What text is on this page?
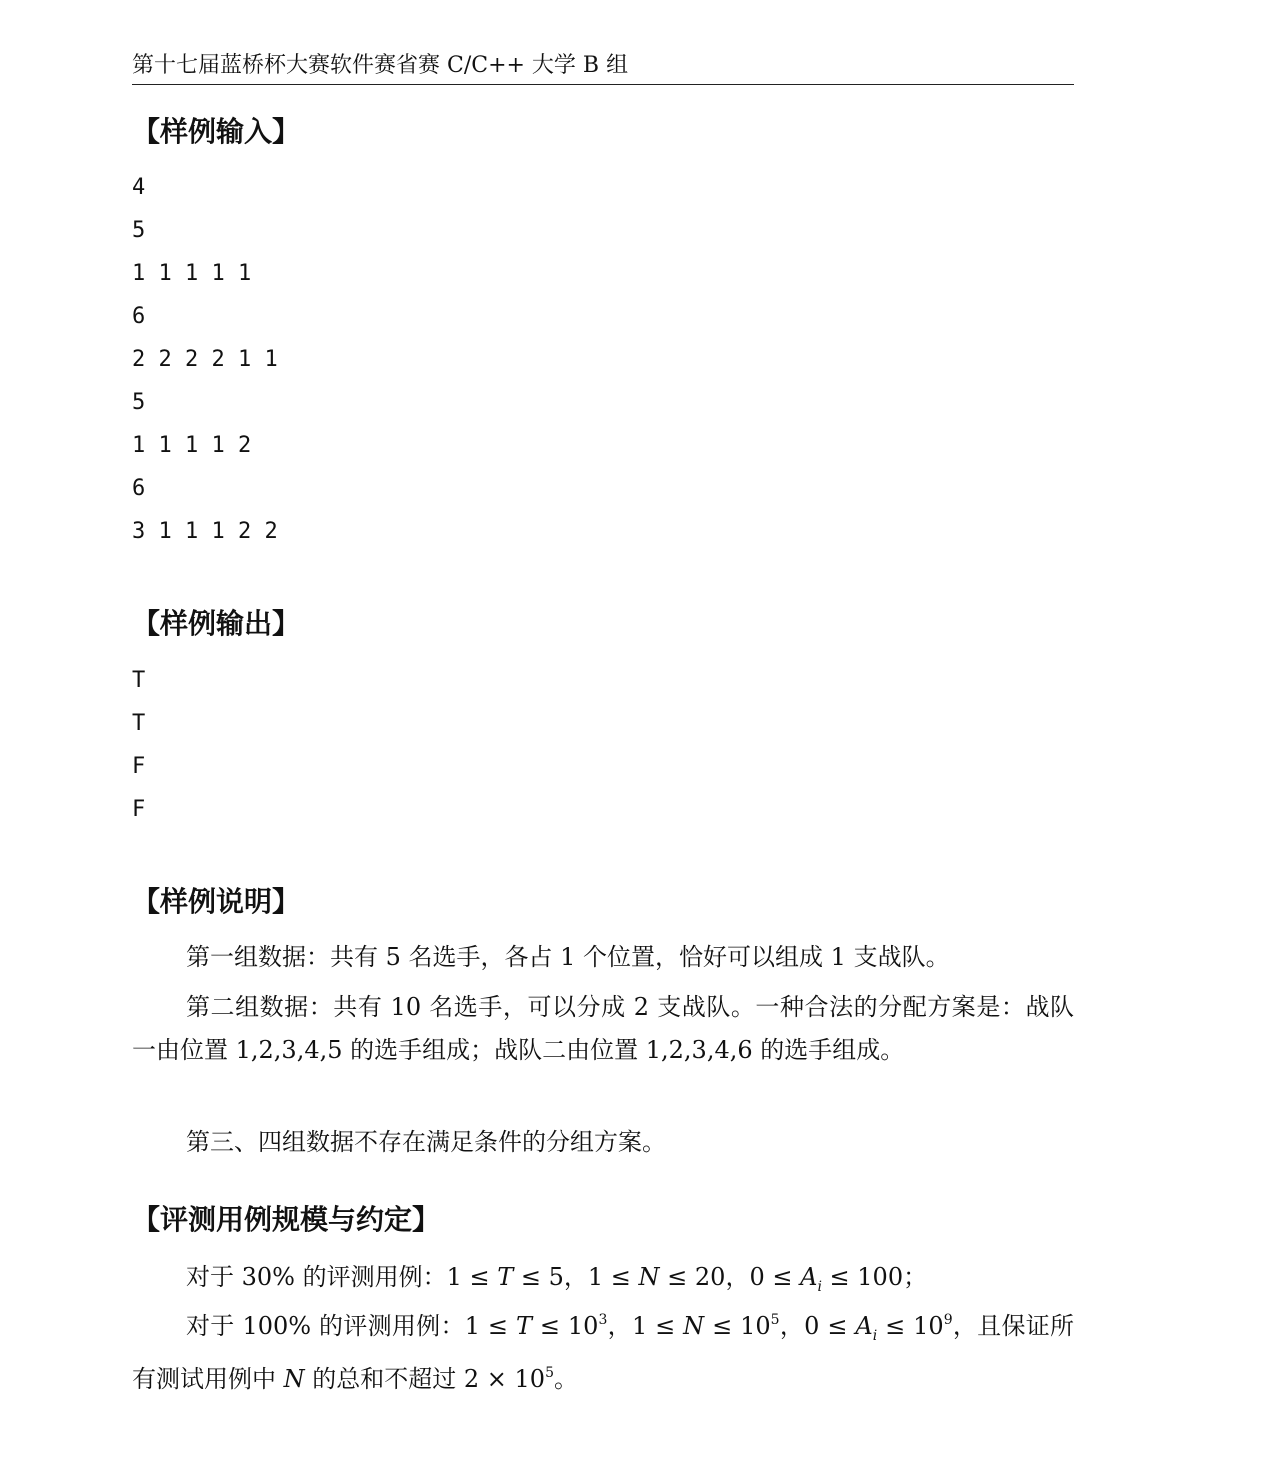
第十七届蓝桥杯大赛软件赛省赛 C/C++ 大学 B 组
【样例输入】
4
5
1 1 1 1 1
6
2 2 2 2 1 1
5
1 1 1 1 2
6
3 1 1 1 2 2
【样例输出】
T
T
F
F
【样例说明】
第一组数据：共有 5 名选手，各占 1 个位置，恰好可以组成 1 支战队。
第二组数据：共有 10 名选手，可以分成 2 支战队。一种合法的分配方案是：战队一由位置 1,2,3,4,5 的选手组成；战队二由位置 1,2,3,4,6 的选手组成。
第三、四组数据不存在满足条件的分组方案。
【评测用例规模与约定】
对于 30% 的评测用例：1 ≤ T ≤ 5，1 ≤ N ≤ 20，$0 \le A_i \le 100$；
对于 100% 的评测用例：$1 \le T \le 10^3$，$1 \le N \le 10^5$，$0 \le A_i \le 10^9$，且保证所有测试用例中 N 的总和不超过 $2 \times 10^5$。
